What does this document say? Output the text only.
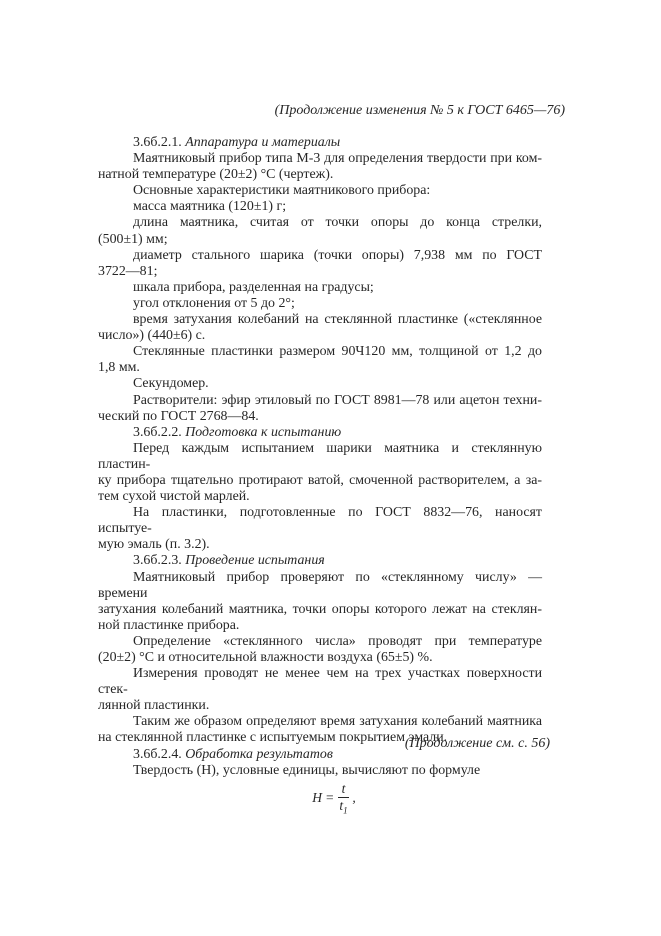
(Продолжение изменения № 5 к ГОСТ 6465—76)
3.6б.2.1. Аппаратура и материалы
Маятниковый прибор типа М-3 для определения твердости при ком-
натной температуре (20±2) °С (чертеж).
Основные характеристики маятникового прибора:
масса маятника (120±1) г;
длина маятника, считая от точки опоры до конца стрелки,
(500±1) мм;
диаметр стального шарика (точки опоры) 7,938 мм по ГОСТ
3722—81;
шкала прибора, разделенная на градусы;
угол отклонения от 5 до 2°;
время затухания колебаний на стеклянной пластинке («стеклянное
число») (440±6) с.
Стеклянные пластинки размером 90Ч120 мм, толщиной от 1,2 до
1,8 мм.
Секундомер.
Растворители: эфир этиловый по ГОСТ 8981—78 или ацетон техни-
ческий по ГОСТ 2768—84.
3.6б.2.2. Подготовка к испытанию
Перед каждым испытанием шарики маятника и стеклянную пластин-
ку прибора тщательно протирают ватой, смоченной растворителем, а за-
тем сухой чистой марлей.
На пластинки, подготовленные по ГОСТ 8832—76, наносят испытуе-
мую эмаль (п. 3.2).
3.6б.2.3. Проведение испытания
Маятниковый прибор проверяют по «стеклянному числу» — времени
затухания колебаний маятника, точки опоры которого лежат на стеклян-
ной пластинке прибора.
Определение «стеклянного числа» проводят при температуре
(20±2) °С и относительной влажности воздуха (65±5) %.
Измерения проводят не менее чем на трех участках поверхности стек-
лянной пластинки.
Таким же образом определяют время затухания колебаний маятника
на стеклянной пластинке с испытуемым покрытием эмали.
3.6б.2.4. Обработка результатов
Твердость (Н), условные единицы, вычисляют по формуле
$H = \frac{t}{t_1}$ ,
(Продолжение см. с. 56)
